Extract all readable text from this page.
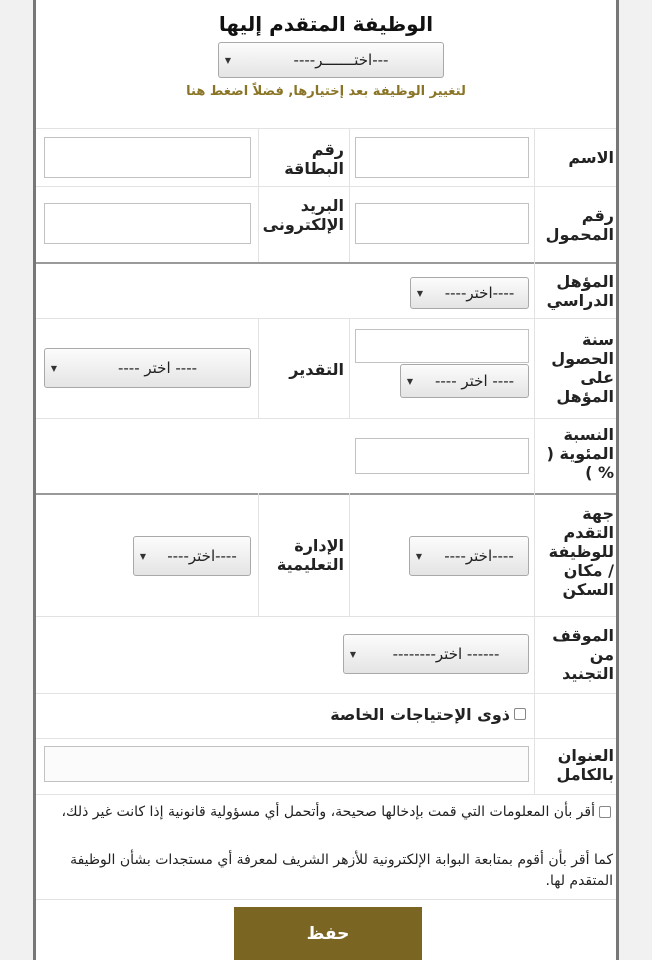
الوظيفة المتقدم إليها
---اختـــــــر----
▼
لتغيير الوظيفة بعد إختيارها, فضلاً اضغط هنا
الاسم
رقم البطاقة
رقم المحمول
البريد الإلكترونى
المؤهل الدراسي
----اختر----
▼
سنة الحصول على المؤهل
---- اختر ----
▼
التقدير
---- اختر ----
▼
النسبة المئوية ( % )
جهة التقدم للوظيفة / مكان السكن
----اختر----
▼
الإدارة التعليمية
----اختر----
▼
الموقف من التجنيد
------ اختر--------
▼
ذوى الإحتياجات الخاصة
العنوان بالكامل
أقر بأن المعلومات التي قمت بإدخالها صحيحة، وأتحمل أي مسؤولية قانونية إذا كانت غير ذلك،
كما أقر بأن أقوم بمتابعة البوابة الإلكترونية للأزهر الشريف لمعرفة أي مستجدات بشأن الوظيفة المتقدم لها.
حفظ
